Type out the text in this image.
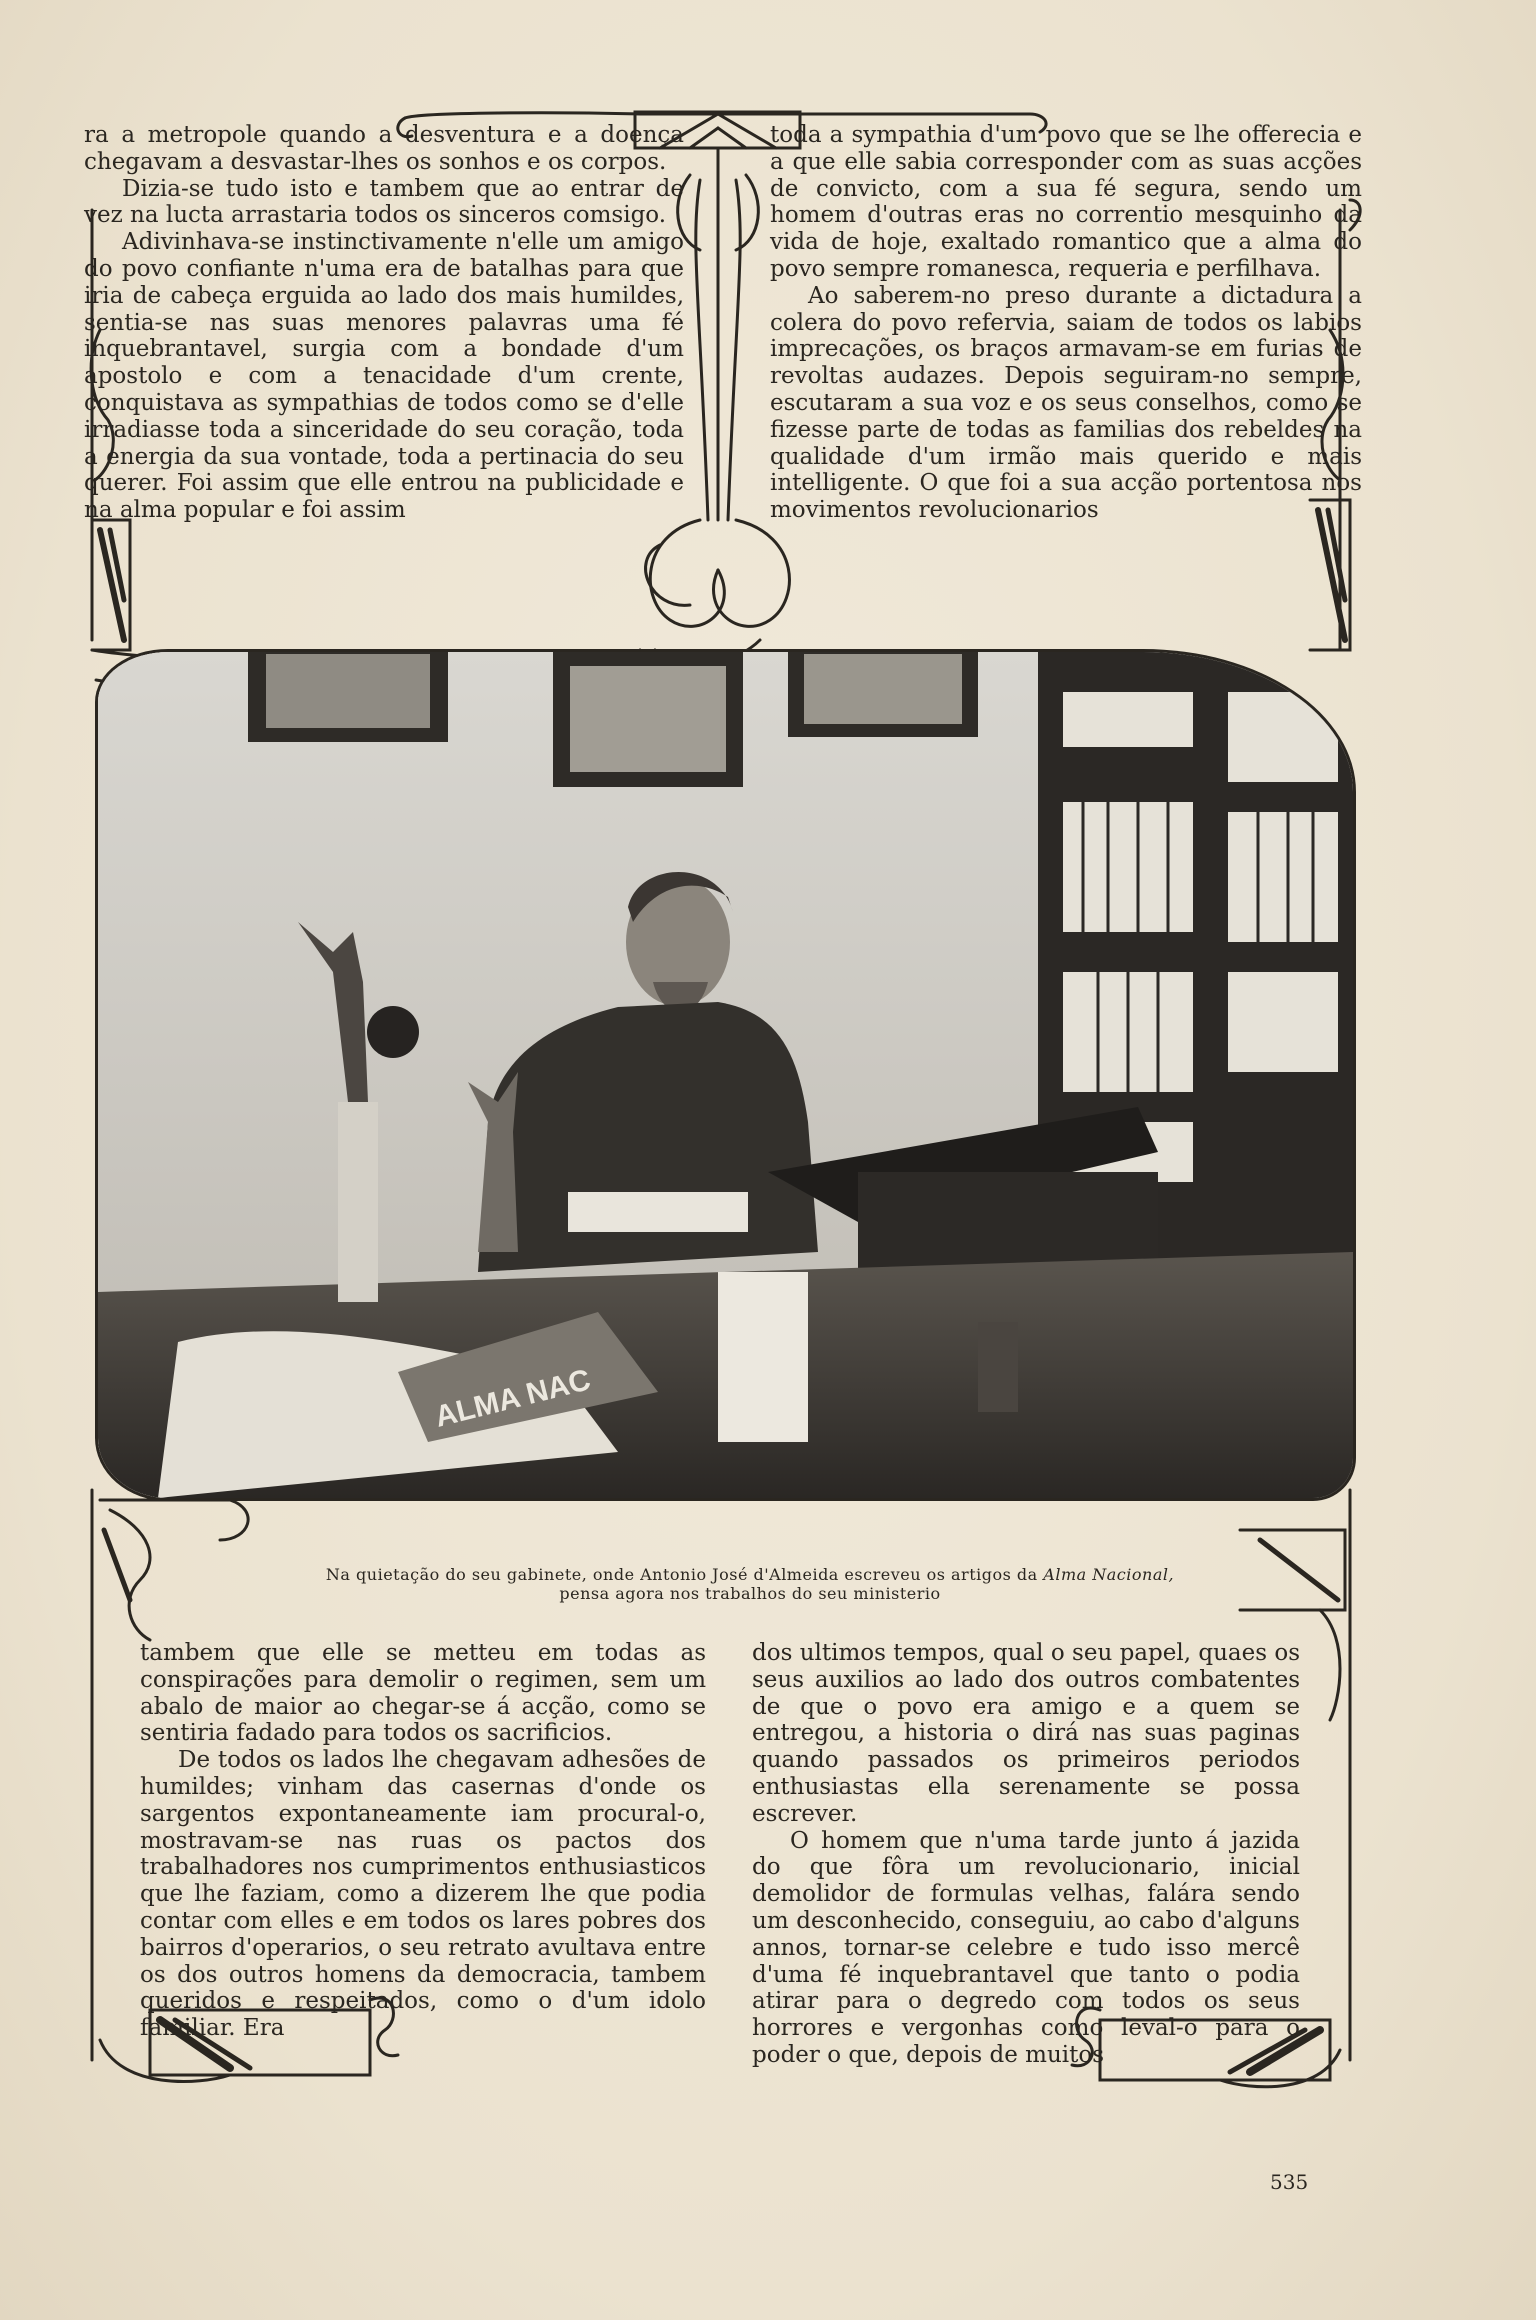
ra a metropole quando a desventura e a doença chegavam a desvastar-lhes os sonhos e os corpos.

Dizia-se tudo isto e tambem que ao entrar de vez na lucta arrastaria todos os sinceros comsigo.

Adivinhava-se instinctivamente n'elle um amigo do povo confiante n'uma era de batalhas para que iria de cabeça erguida ao lado dos mais humildes, sentia-se nas suas menores palavras uma fé inquebrantavel, surgia com a bondade d'um apostolo e com a tenacidade d'um crente, conquistava as sympathias de todos como se d'elle irradiasse toda a sinceridade do seu coração, toda a energia da sua vontade, toda a pertinacia do seu querer. Foi assim que elle entrou na publicidade e na alma popular e foi assim

toda a sympathia d'um povo que se lhe offerecia e a que elle sabia corresponder com as suas acções de convicto, com a sua fé segura, sendo um homem d'outras eras no correntio mesquinho da vida de hoje, exaltado romantico que a alma do povo sempre romanesca, requeria e perfilhava.

Ao saberem-no preso durante a dictadura a colera do povo refervia, saiam de todos os labios imprecações, os braços armavam-se em furias de revoltas audazes. Depois seguiram-no sempre, escutaram a sua voz e os seus conselhos, como se fizesse parte de todas as familias dos rebeldes na qualidade d'um irmão mais querido e mais intelligente. O que foi a sua acção portentosa nos movimentos revolucionarios

ALMA NAC
Na quietação do seu gabinete, onde Antonio José d'Almeida escreveu os artigos da Alma Nacional,
pensa agora nos trabalhos do seu ministerio

tambem que elle se metteu em todas as conspirações para demolir o regimen, sem um abalo de maior ao chegar-se á acção, como se sentiria fadado para todos os sacrificios.

De todos os lados lhe chegavam adhesões de humildes; vinham das casernas d'onde os sargentos expontaneamente iam procural-o, mostravam-se nas ruas os pactos dos trabalhadores nos cumprimentos enthusiasticos que lhe faziam, como a dizerem lhe que podia contar com elles e em todos os lares pobres dos bairros d'operarios, o seu retrato avultava entre os dos outros homens da democracia, tambem queridos e respeitados, como o d'um idolo familiar. Era

dos ultimos tempos, qual o seu papel, quaes os seus auxilios ao lado dos outros combatentes de que o povo era amigo e a quem se entregou, a historia o dirá nas suas paginas quando passados os primeiros periodos enthusiastas ella serenamente se possa escrever.

O homem que n'uma tarde junto á jazida do que fôra um revolucionario, inicial demolidor de formulas velhas, falára sendo um desconhecido, conseguiu, ao cabo d'alguns annos, tornar-se celebre e tudo isso mercê d'uma fé inquebrantavel que tanto o podia atirar para o degredo com todos os seus horrores e vergonhas como leval-o para o poder o que, depois de muitos

535
